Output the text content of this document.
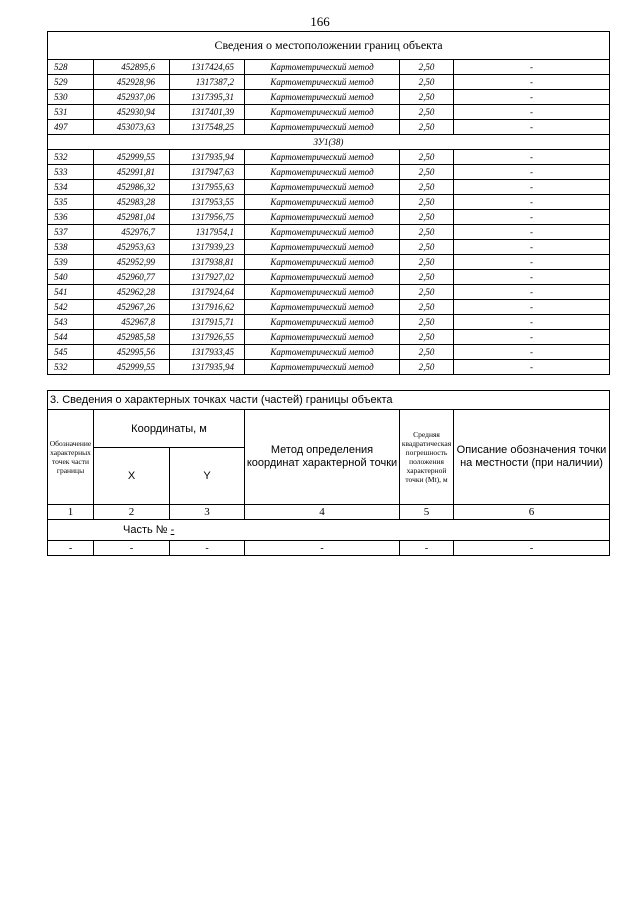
166
Сведения о местоположении границ объекта					
528	452895,6	1317424,65	Картометрический метод	2,50	-
529	452928,96	1317387,2	Картометрический метод	2,50	-
530	452937,06	1317395,31	Картометрический метод	2,50	-
531	452930,94	1317401,39	Картометрический метод	2,50	-
497	453073,63	1317548,25	Картометрический метод	2,50	-
ЗУ1(38)					
532	452999,55	1317935,94	Картометрический метод	2,50	-
533	452991,81	1317947,63	Картометрический метод	2,50	-
534	452986,32	1317955,63	Картометрический метод	2,50	-
535	452983,28	1317953,55	Картометрический метод	2,50	-
536	452981,04	1317956,75	Картометрический метод	2,50	-
537	452976,7	1317954,1	Картометрический метод	2,50	-
538	452953,63	1317939,23	Картометрический метод	2,50	-
539	452952,99	1317938,81	Картометрический метод	2,50	-
540	452960,77	1317927,02	Картометрический метод	2,50	-
541	452962,28	1317924,64	Картометрический метод	2,50	-
542	452967,26	1317916,62	Картометрический метод	2,50	-
543	452967,8	1317915,71	Картометрический метод	2,50	-
544	452985,58	1317926,55	Картометрический метод	2,50	-
545	452995,56	1317933,45	Картометрический метод	2,50	-
532	452999,55	1317935,94	Картометрический метод	2,50	-
3. Сведения о характерных точках части (частей) границы объекта					
Обозначение характерных точек части границы	Координаты, м		Метод определения координат характерной точки	Средняя квадратическая погрешность положения характерной точки (Мt), м	Описание обозначения точки на местности (при наличии)
	X	Y			
1	2	3	4	5	6
Часть № -					
-	-	-	-	-	-
